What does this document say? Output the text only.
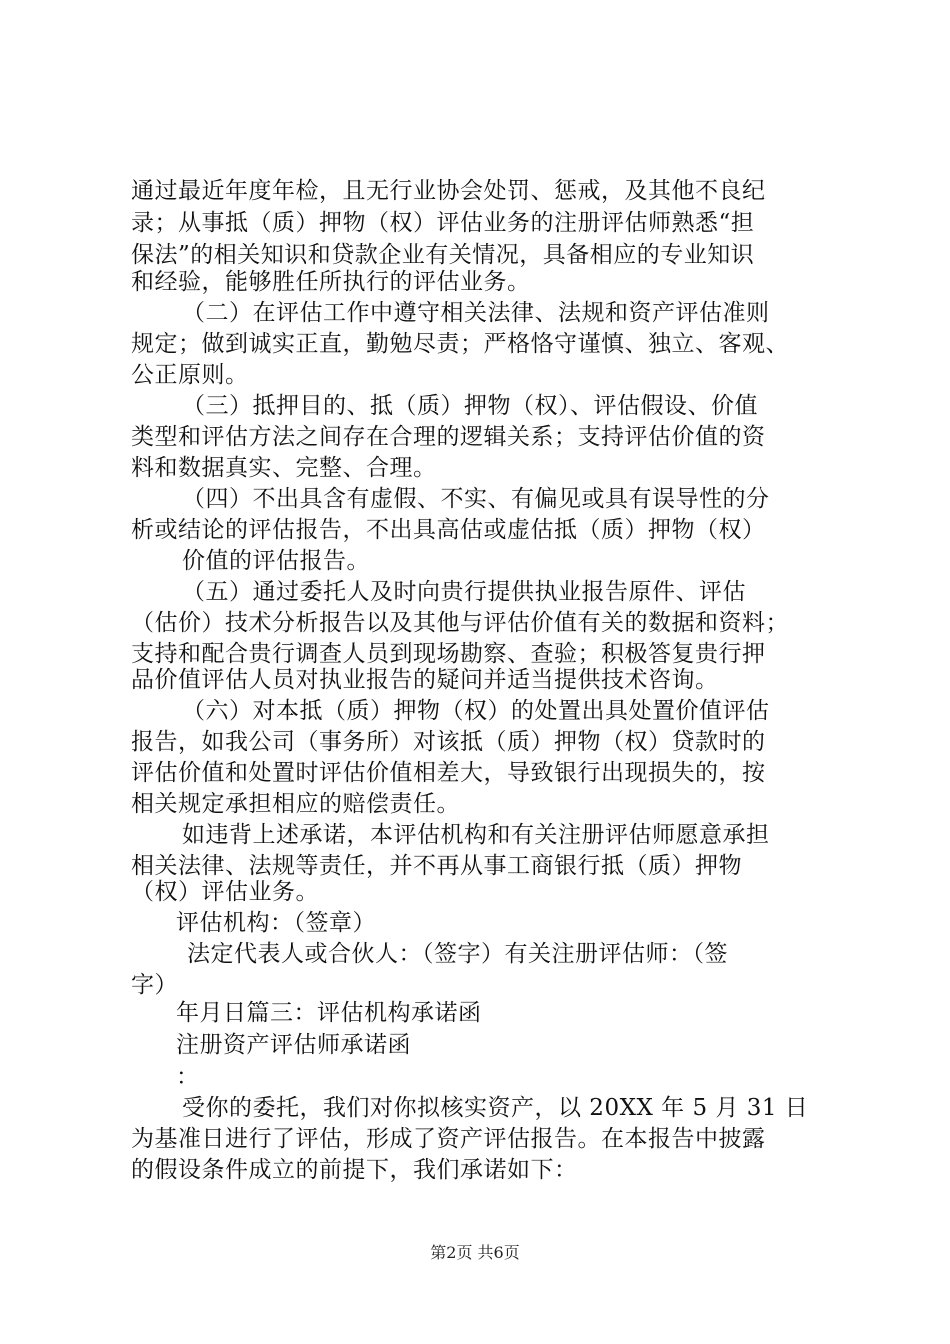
通过最近年度年检，且无行业协会处罚、惩戒，及其他不良纪
录；从事抵（质）押物（权）评估业务的注册评估师熟悉“担
保法”的相关知识和贷款企业有关情况，具备相应的专业知识
和经验，能够胜任所执行的评估业务。
（二）在评估工作中遵守相关法律、法规和资产评估准则
规定；做到诚实正直，勤勉尽责；严格恪守谨慎、独立、客观、
公正原则。
（三）抵押目的、抵（质）押物（权）、评估假设、价值
类型和评估方法之间存在合理的逻辑关系；支持评估价值的资
料和数据真实、完整、合理。
（四）不出具含有虚假、不实、有偏见或具有误导性的分
析或结论的评估报告，不出具高估或虚估抵（质）押物（权）
价值的评估报告。
（五）通过委托人及时向贵行提供执业报告原件、评估
（估价）技术分析报告以及其他与评估价值有关的数据和资料；
支持和配合贵行调查人员到现场勘察、查验；积极答复贵行押
品价值评估人员对执业报告的疑问并适当提供技术咨询。
（六）对本抵（质）押物（权）的处置出具处置价值评估
报告，如我公司（事务所）对该抵（质）押物（权）贷款时的
评估价值和处置时评估价值相差大，导致银行出现损失的，按
相关规定承担相应的赔偿责任。
如违背上述承诺，本评估机构和有关注册评估师愿意承担
相关法律、法规等责任，并不再从事工商银行抵（质）押物
（权）评估业务。
评估机构：（签章）
法定代表人或合伙人：（签字）有关注册评估师：（签
字）
年月日篇三：评估机构承诺函
注册资产评估师承诺函
：
受你的委托，我们对你拟核实资产，以 20XX 年 5 月 31 日
为基准日进行了评估，形成了资产评估报告。在本报告中披露
的假设条件成立的前提下，我们承诺如下：
第2页 共6页
